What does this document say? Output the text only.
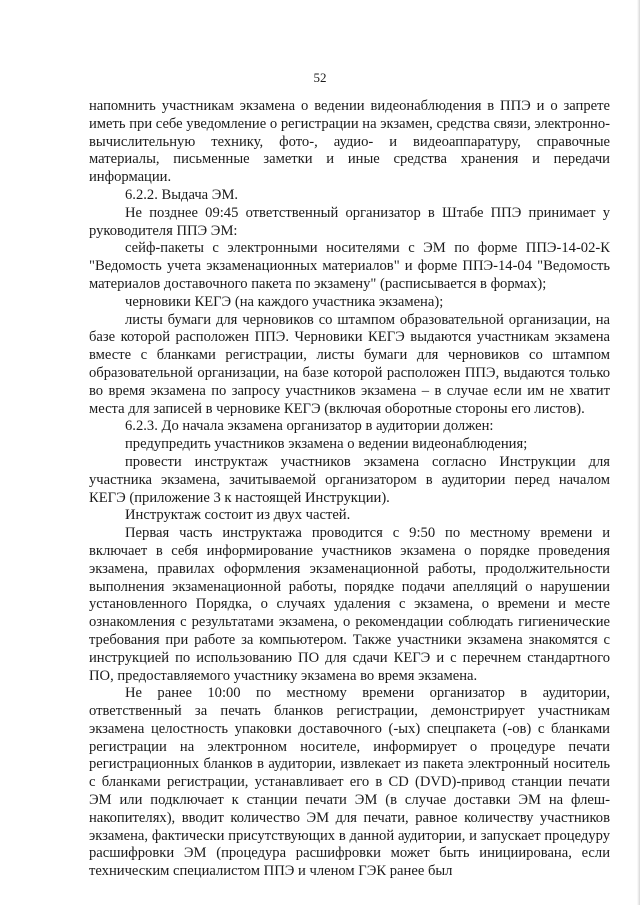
52

напомнить участникам экзамена о ведении видеонаблюдения в ППЭ и о запрете иметь при себе уведомление о регистрации на экзамен, средства связи, электронно-вычислительную технику, фото-, аудио- и видеоаппаратуру, справочные материалы, письменные заметки и иные средства хранения и передачи информации.

6.2.2. Выдача ЭМ.

Не позднее 09:45 ответственный организатор в Штабе ППЭ принимает у руководителя ППЭ ЭМ:

сейф-пакеты с электронными носителями с ЭМ по форме ППЭ-14-02-К "Ведомость учета экзаменационных материалов" и форме ППЭ-14-04 "Ведомость материалов доставочного пакета по экзамену" (расписывается в формах);

черновики КЕГЭ (на каждого участника экзамена);

листы бумаги для черновиков со штампом образовательной организации, на базе которой расположен ППЭ. Черновики КЕГЭ выдаются участникам экзамена вместе с бланками регистрации, листы бумаги для черновиков со штампом образовательной организации, на базе которой расположен ППЭ, выдаются только во время экзамена по запросу участников экзамена – в случае если им не хватит места для записей в черновике КЕГЭ (включая оборотные стороны его листов).

6.2.3. До начала экзамена организатор в аудитории должен:

предупредить участников экзамена о ведении видеонаблюдения;

провести инструктаж участников экзамена согласно Инструкции для участника экзамена, зачитываемой организатором в аудитории перед началом КЕГЭ (приложение 3 к настоящей Инструкции).

Инструктаж состоит из двух частей.

Первая часть инструктажа проводится с 9:50 по местному времени и включает в себя информирование участников экзамена о порядке проведения экзамена, правилах оформления экзаменационной работы, продолжительности выполнения экзаменационной работы, порядке подачи апелляций о нарушении установленного Порядка, о случаях удаления с экзамена, о времени и месте ознакомления с результатами экзамена, о рекомендации соблюдать гигиенические требования при работе за компьютером. Также участники экзамена знакомятся с инструкцией по использованию ПО для сдачи КЕГЭ и с перечнем стандартного ПО, предоставляемого участнику экзамена во время экзамена.

Не ранее 10:00 по местному времени организатор в аудитории, ответственный за печать бланков регистрации, демонстрирует участникам экзамена целостность упаковки доставочного (-ых) спецпакета (-ов) с бланками регистрации на электронном носителе, информирует о процедуре печати регистрационных бланков в аудитории, извлекает из пакета электронный носитель с бланками регистрации, устанавливает его в CD (DVD)-привод станции печати ЭМ или подключает к станции печати ЭМ (в случае доставки ЭМ на флеш-накопителях), вводит количество ЭМ для печати, равное количеству участников экзамена, фактически присутствующих в данной аудитории, и запускает процедуру расшифровки ЭМ (процедура расшифровки может быть инициирована, если техническим специалистом ППЭ и членом ГЭК ранее был
